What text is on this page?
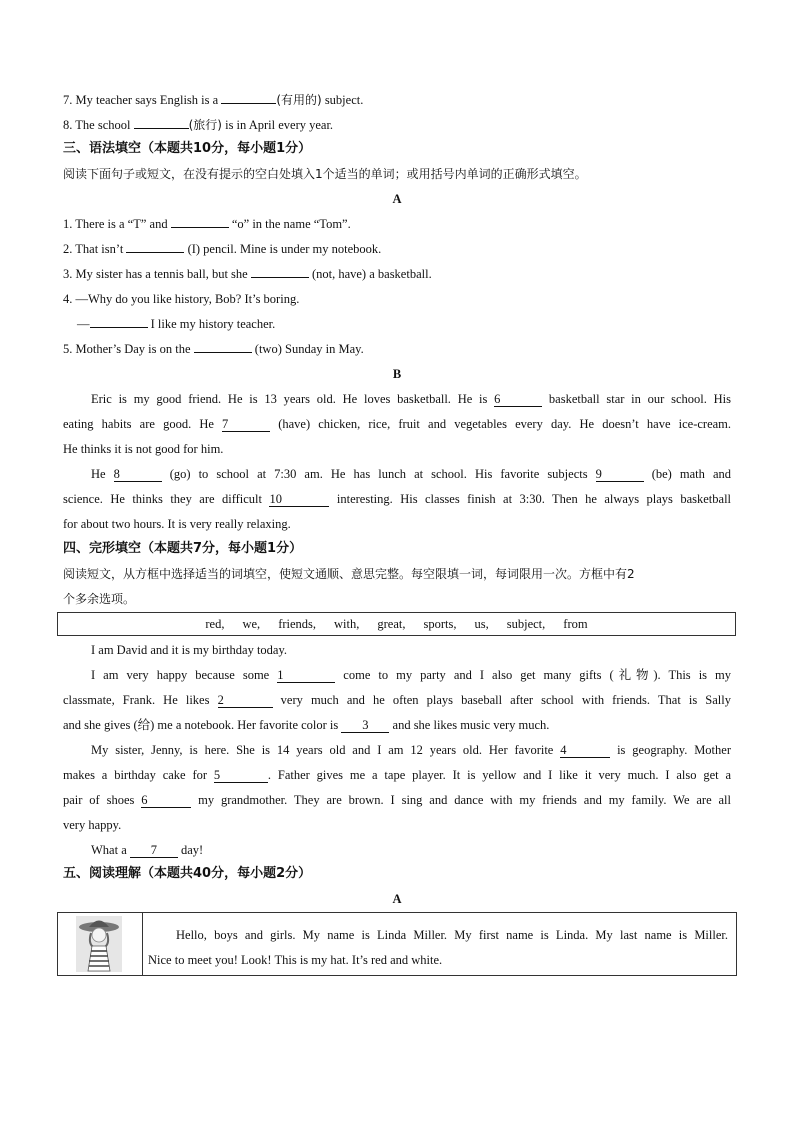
7. My teacher says English is a	(有用的) subject.
8. The school	(旅行) is in April every year.
三、语法填空（本题共10分，每小题1分）
阅读下面句子或短文，在没有提示的空白处填入1个适当的单词；或用括号内单词的正确形式填空。
A
1. There is a “T” and	“o” in the name “Tom”.
2. That isn’t	(I) pencil. Mine is under my notebook.
3. My sister has a tennis ball, but she	(not, have) a basketball.
4. —Why do you like history, Bob? It’s boring.
—	I like my history teacher.
5. Mother’s Day is on the	(two) Sunday in May.
B
Eric is my good friend. He is 13 years old. He loves basketball. He is 6	basketball star in our school. His
eating habits are good. He 7	(have) chicken, rice, fruit and vegetables every day. He doesn’t have ice-cream.
He thinks it is not good for him.
He 8	(go) to school at 7:30 am. He has lunch at school. His favorite subjects 9	(be) math and
science. He thinks they are difficult 10	interesting. His classes finish at 3:30. Then he always plays basketball
for about two hours. It is very really relaxing.
四、完形填空（本题共7分，每小题1分）
阅读短文，从方框中选择适当的词填空，使短文通顺、意思完整。每空限填一词，每词限用一次。方框中有2
个多余选项。
red, we, friends, with, great, sports, us, subject, from
I am David and it is my birthday today.
I am very happy because some 1	come to my party and I also get many gifts (礼物). This is my
classmate, Frank. He likes 2	very much and he often plays baseball after school with friends. That is Sally
and she gives (给) me a notebook. Her favorite color is 3 and she likes music very much.
My sister, Jenny, is here. She is 14 years old and I am 12 years old. Her favorite 4	is geography. Mother
makes a birthday cake for 5	. Father gives me a tape player. It is yellow and I like it very much. I also get a
pair of shoes 6	my grandmother. They are brown. I sing and dance with my friends and my family. We are all
very happy.
What a 7 day!
五、阅读理解（本题共40分，每小题2分）
A
Hello, boys and girls. My name is Linda Miller. My first name is Linda. My last name is Miller.
Nice to meet you! Look! This is my hat. It’s red and white.
